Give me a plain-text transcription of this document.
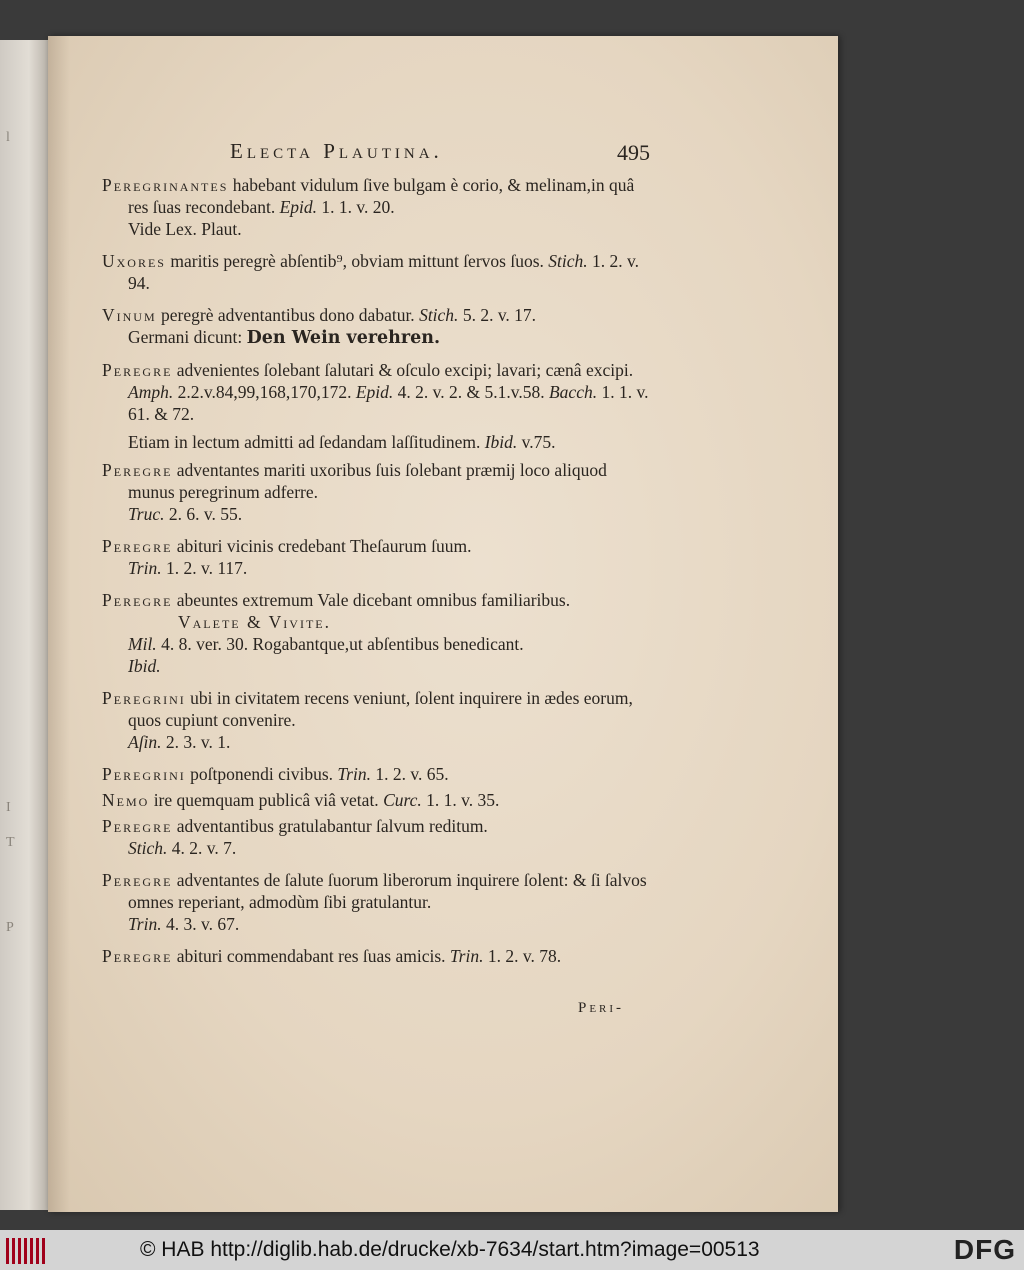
l
I
T
P
Electa Plautina.	495

Peregrinantes habebant vidulum ſive bulgam è corio, & melinam,in quâ res ſuas recondebant. Epid. 1. 1. v. 20.

Vide Lex. Plaut.

Uxores maritis peregrè abſentib⁹, obviam mittunt ſervos ſuos. Stich. 1. 2. v. 94.

Vinum peregrè adventantibus dono dabatur. Stich. 5. 2. v. 17.

Germani dicunt: Den Wein verehren.

Peregre advenientes ſolebant ſalutari & oſculo excipi; lavari; cænâ excipi. Amph. 2.2.v.84,99,168,170,172. Epid. 4. 2. v. 2. & 5.1.v.58. Bacch. 1. 1. v. 61. & 72.

Etiam in lectum admitti ad ſedandam laſſitudinem. Ibid. v.75.

Peregre adventantes mariti uxoribus ſuis ſolebant præmij loco aliquod munus peregrinum adferre.

Truc. 2. 6. v. 55.

Peregre abituri vicinis credebant Theſaurum ſuum.

Trin. 1. 2. v. 117.

Peregre abeuntes extremum Vale dicebant omnibus familiaribus.

Valete & Vivite.

Mil. 4. 8. ver. 30. Rogabantque,ut abſentibus benedicant.

Ibid.

Peregrini ubi in civitatem recens veniunt, ſolent inquirere in ædes eorum, quos cupiunt convenire.

Aſin. 2. 3. v. 1.

Peregrini poſtponendi civibus. Trin. 1. 2. v. 65.

Nemo ire quemquam publicâ viâ vetat. Curc. 1. 1. v. 35.

Peregre adventantibus gratulabantur ſalvum reditum.

Stich. 4. 2. v. 7.

Peregre adventantes de ſalute ſuorum liberorum inquirere ſolent: & ſi ſalvos omnes reperiant, admodùm ſibi gratulantur.

Trin. 4. 3. v. 67.

Peregre abituri commendabant res ſuas amicis. Trin. 1. 2. v. 78.

Peri-
© HAB http://diglib.hab.de/drucke/xb-7634/start.htm?image=00513	DFG
